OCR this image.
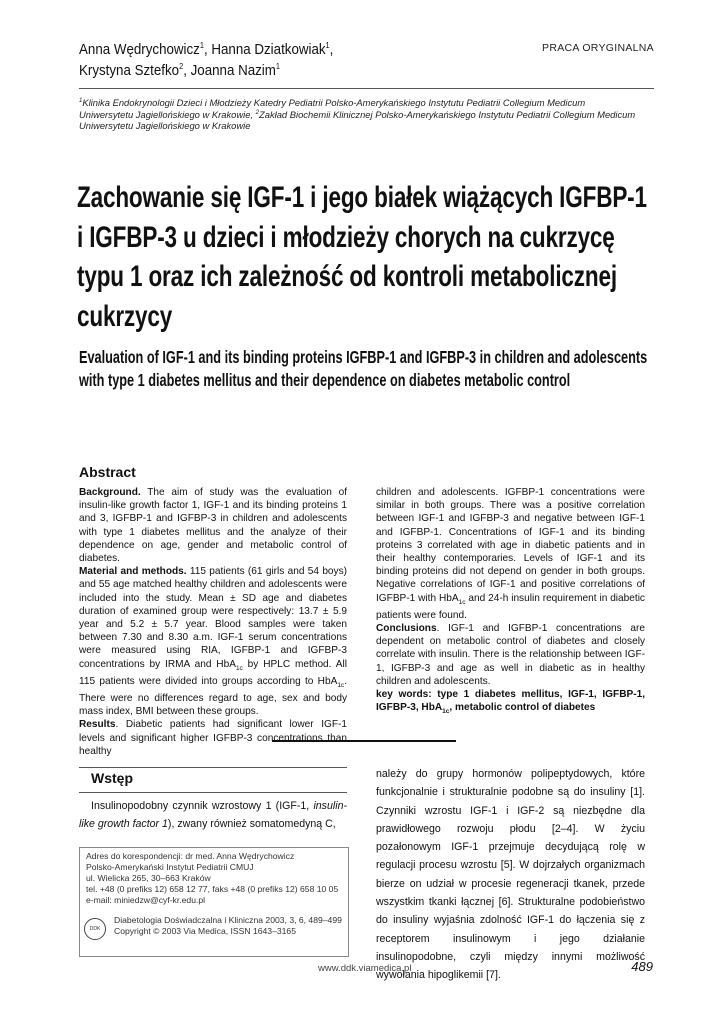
Anna Wędrychowicz$^1$, Hanna Dziatkowiak$^1$,
Krystyna Sztefko$^2$, Joanna Nazim$^1$
PRACA ORYGINALNA
$^1$Klinika Endokrynologii Dzieci i Młodzieży Katedry Pediatrii Polsko-Amerykańskiego Instytutu Pediatrii Collegium Medicum Uniwersytetu Jagiellońskiego w Krakowie, $^2$Zakład Biochemii Klinicznej Polsko-Amerykańskiego Instytutu Pediatrii Collegium Medicum Uniwersytetu Jagiellońskiego w Krakowie
Zachowanie się IGF-1 i jego białek wiążących IGFBP-1
i IGFBP-3 u dzieci i młodzieży chorych na cukrzycę
typu 1 oraz ich zależność od kontroli metabolicznej
cukrzycy
Evaluation of IGF-1 and its binding proteins IGFBP-1 and IGFBP-3 in children and adolescents
with type 1 diabetes mellitus and their dependence on diabetes metabolic control
Abstract
Background. The aim of study was the evaluation of insulin-like growth factor 1, IGF-1 and its binding proteins 1 and 3, IGFBP-1 and IGFBP-3 in children and adolescents with type 1 diabetes mellitus and the analyze of their dependence on age, gender and metabolic control of diabetes.
Material and methods. 115 patients (61 girls and 54 boys) and 55 age matched healthy children and adolescents were included into the study. Mean ± SD age and diabetes duration of examined group were respectively: 13.7 ± 5.9 year and 5.2 ± 5.7 year. Blood samples were taken between 7.30 and 8.30 a.m. IGF-1 serum concentrations were measured using RIA, IGFBP-1 and IGFBP-3 concentrations by IRMA and HbA$_{1c}$ by HPLC method. All 115 patients were divided into groups according to HbA$_{1c}$. There were no differences regard to age, sex and body mass index, BMI between these groups.
Results. Diabetic patients had significant lower IGF-1 levels and significant higher IGFBP-3 concentrations than healthy
children and adolescents. IGFBP-1 concentrations were similar in both groups. There was a positive correlation between IGF-1 and IGFBP-3 and negative between IGF-1 and IGFBP-1. Concentrations of IGF-1 and its binding proteins 3 correlated with age in diabetic patients and in their healthy contemporaries. Levels of IGF-1 and its binding proteins did not depend on gender in both groups. Negative correlations of IGF-1 and positive correlations of IGFBP-1 with HbA$_{1c}$ and 24-h insulin requirement in diabetic patients were found.
Conclusions. IGF-1 and IGFBP-1 concentrations are dependent on metabolic control of diabetes and closely correlate with insulin. There is the relationship between IGF-1, IGFBP-3 and age as well in diabetic as in healthy children and adolescents.
key words: type 1 diabetes mellitus, IGF-1, IGFBP-1, IGFBP-3, HbA$_{1c}$, metabolic control of diabetes
Wstęp
Insulinopodobny czynnik wzrostowy 1 (IGF-1, insulin-like growth factor 1), zwany również somatomedyną C,
należy do grupy hormonów polipeptydowych, które funkcjonalnie i strukturalnie podobne są do insuliny [1]. Czynniki wzrostu IGF-1 i IGF-2 są niezbędne dla prawidłowego rozwoju płodu [2–4]. W życiu pozałonowym IGF-1 przejmuje decydującą rolę w regulacji procesu wzrostu [5]. W dojrzałych organizmach bierze on udział w procesie regeneracji tkanek, przede wszystkim tkanki łącznej [6]. Strukturalne podobieństwo do insuliny wyjaśnia zdolność IGF-1 do łączenia się z receptorem insulinowym i jego działanie insulinopodobne, czyli między innymi możliwość wywołania hipoglikemii [7].
Adres do korespondencji: dr med. Anna Wędrychowicz
Polsko-Amerykański Instytut Pediatrii CMUJ
ul. Wielicka 265, 30–663 Kraków
tel. +48 (0 prefiks 12) 658 12 77, faks +48 (0 prefiks 12) 658 10 05
e-mail: miniedzw@cyf-kr.edu.pl
DDK
Diabetologia Doświadczalna i Kliniczna 2003, 3, 6, 489–499
Copyright © 2003 Via Medica, ISSN 1643–3165
www.ddk.viamedica.pl	489
